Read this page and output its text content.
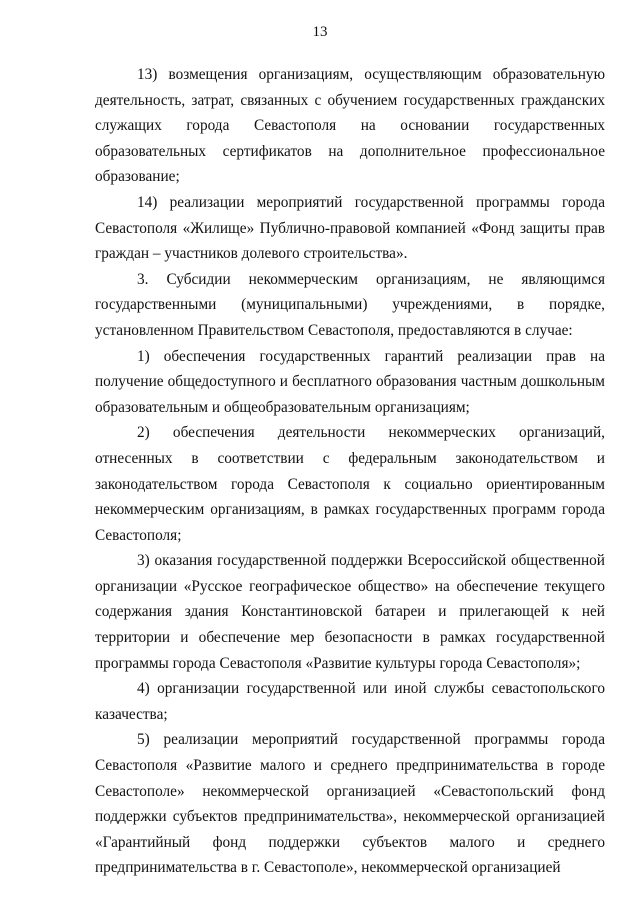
13

13) возмещения организациям, осуществляющим образовательную деятельность, затрат, связанных с обучением государственных гражданских служащих города Севастополя на основании государственных образовательных сертификатов на дополнительное профессиональное образование;

14) реализации мероприятий государственной программы города Севастополя «Жилище» Публично-правовой компанией «Фонд защиты прав граждан – участников долевого строительства».

3. Субсидии некоммерческим организациям, не являющимся государственными (муниципальными) учреждениями, в порядке, установленном Правительством Севастополя, предоставляются в случае:

1) обеспечения государственных гарантий реализации прав на получение общедоступного и бесплатного образования частным дошкольным образовательным и общеобразовательным организациям;

2) обеспечения деятельности некоммерческих организаций, отнесенных в соответствии с федеральным законодательством и законодательством города Севастополя к социально ориентированным некоммерческим организациям, в рамках государственных программ города Севастополя;

3) оказания государственной поддержки Всероссийской общественной организации «Русское географическое общество» на обеспечение текущего содержания здания Константиновской батареи и прилегающей к ней территории и обеспечение мер безопасности в рамках государственной программы города Севастополя «Развитие культуры города Севастополя»;

4) организации государственной или иной службы севастопольского казачества;

5) реализации мероприятий государственной программы города Севастополя «Развитие малого и среднего предпринимательства в городе Севастополе» некоммерческой организацией «Севастопольский фонд поддержки субъектов предпринимательства», некоммерческой организацией «Гарантийный фонд поддержки субъектов малого и среднего предпринимательства в г. Севастополе», некоммерческой организацией
